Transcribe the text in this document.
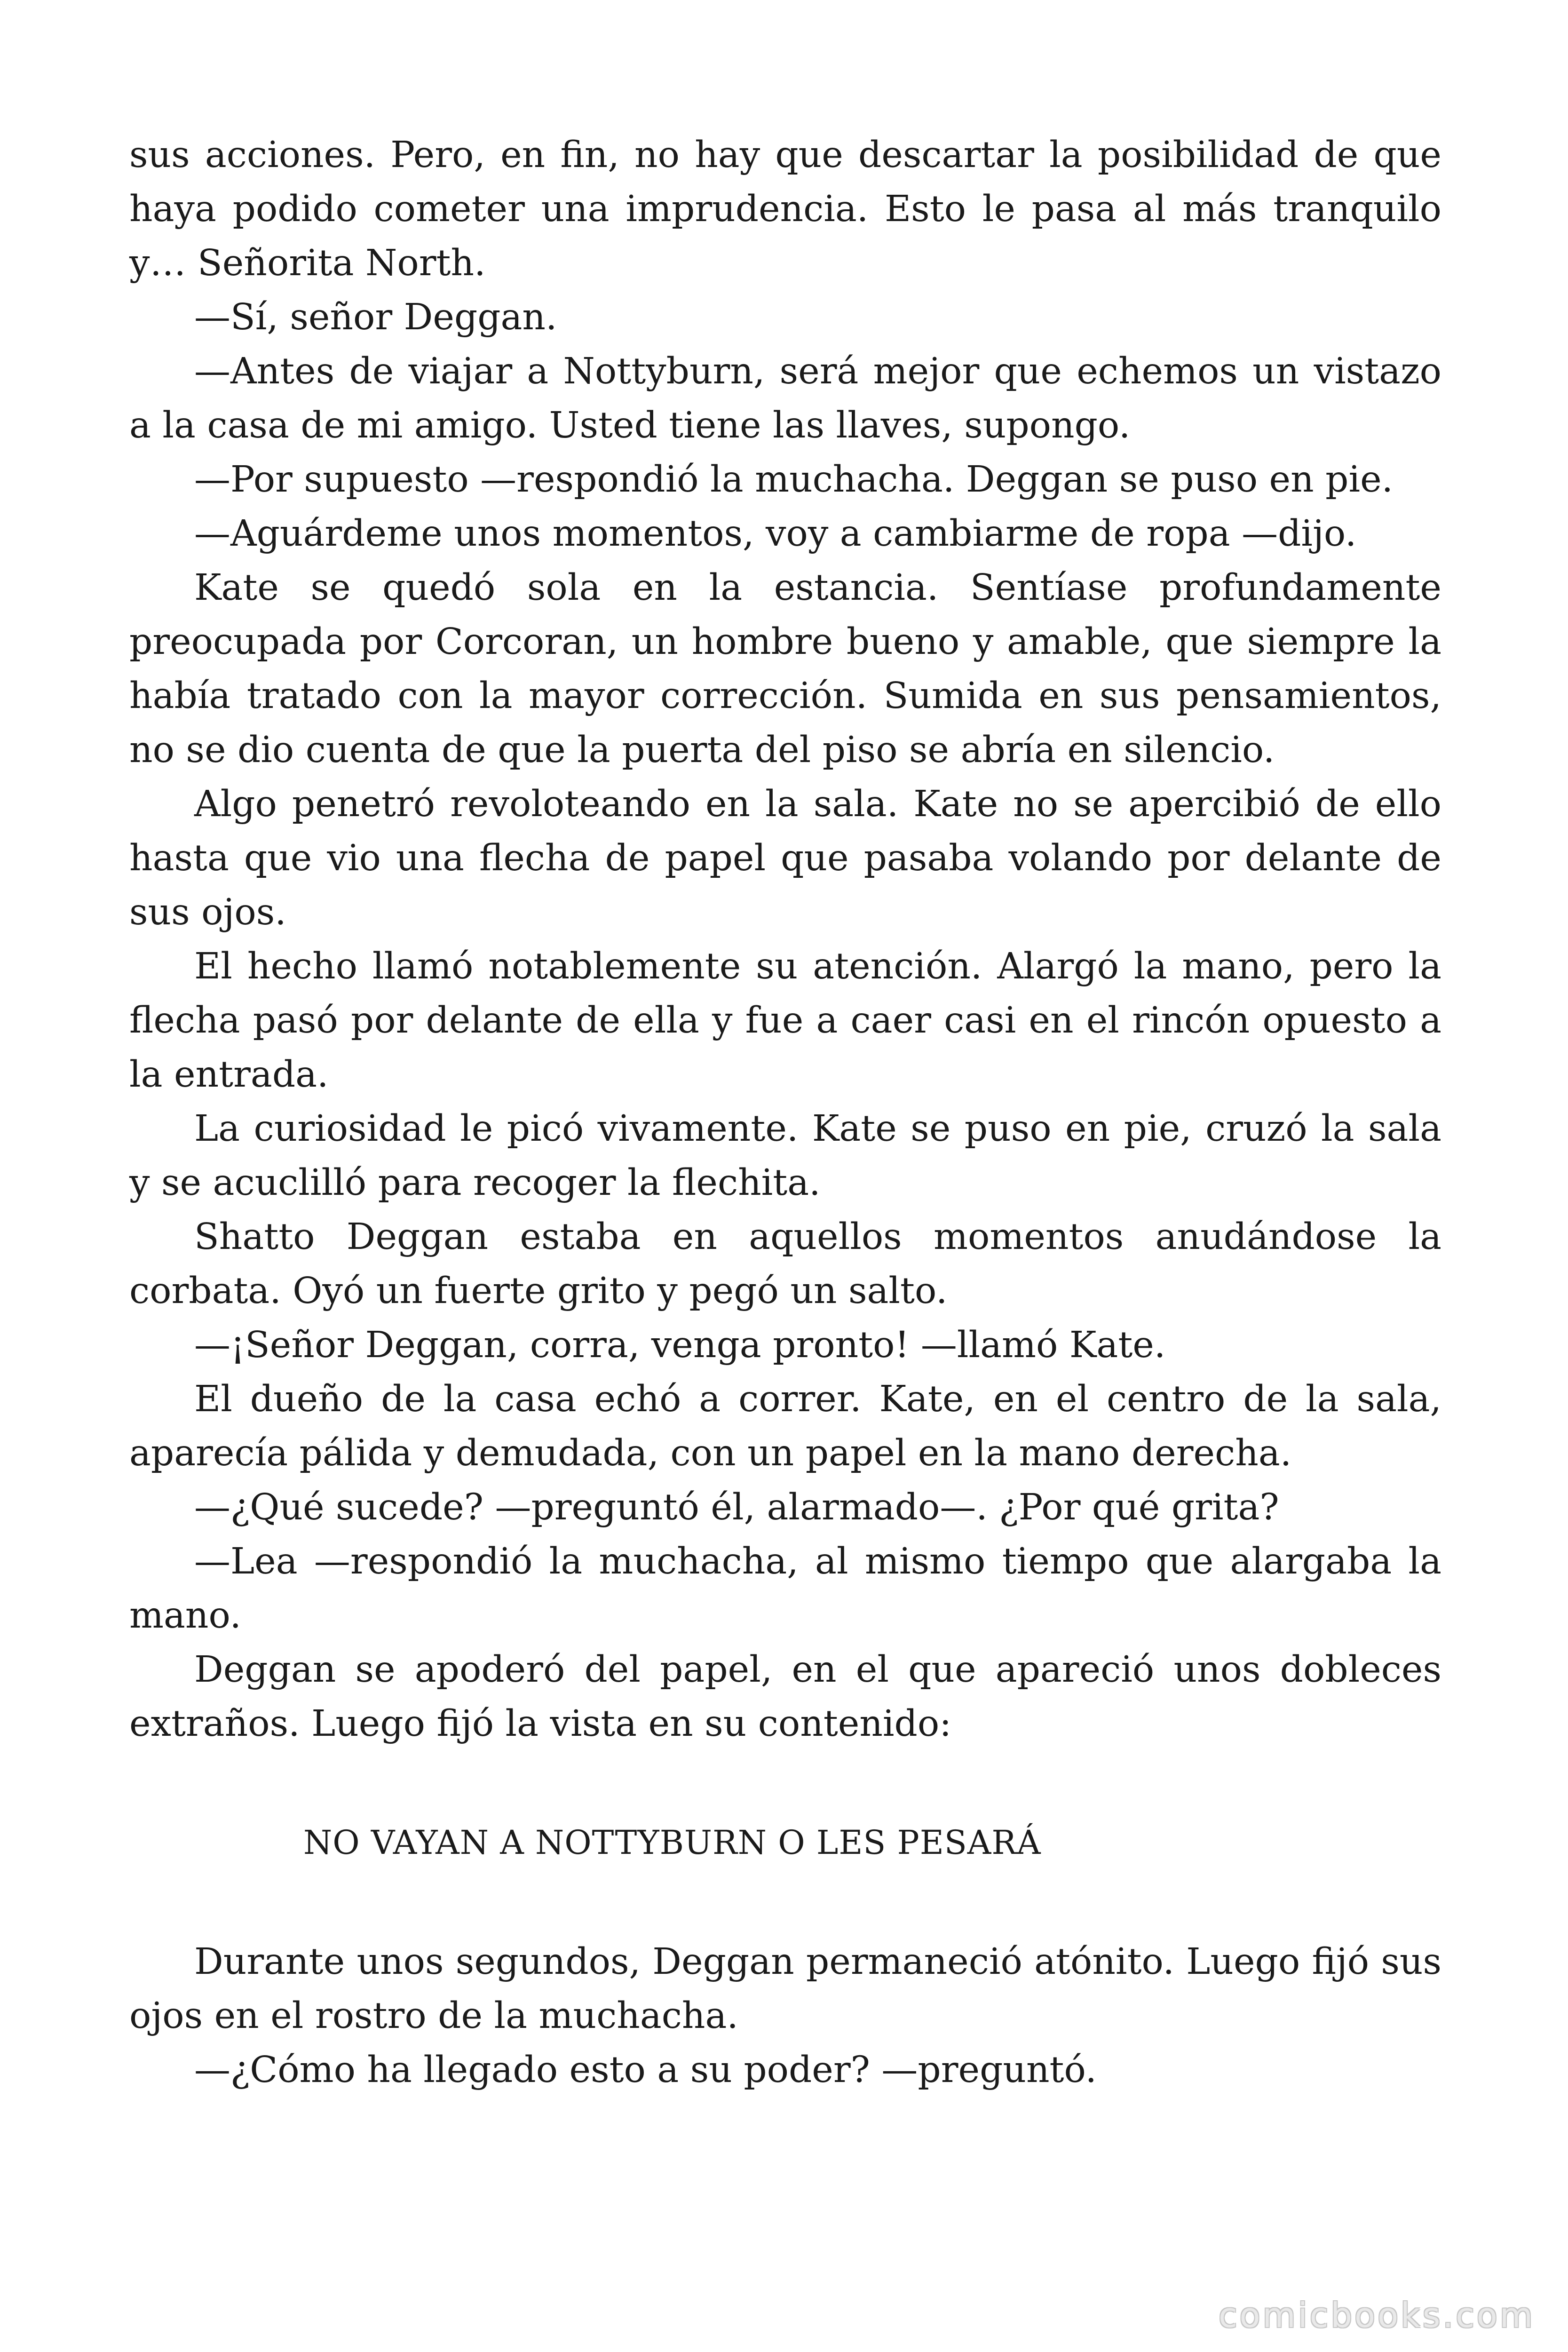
sus acciones. Pero, en fin, no hay que descartar la posibilidad de que haya podido cometer una imprudencia. Esto le pasa al más tranquilo y… Señorita North.

—Sí, señor Deggan.

—Antes de viajar a Nottyburn, será mejor que echemos un vistazo a la casa de mi amigo. Usted tiene las llaves, supongo.

—Por supuesto —respondió la muchacha. Deggan se puso en pie.

—Aguárdeme unos momentos, voy a cambiarme de ropa —dijo.

Kate se quedó sola en la estancia. Sentíase profundamente preocupada por Corcoran, un hombre bueno y amable, que siempre la había tratado con la mayor corrección. Sumida en sus pensamientos, no se dio cuenta de que la puerta del piso se abría en silencio.

Algo penetró revoloteando en la sala. Kate no se apercibió de ello hasta que vio una flecha de papel que pasaba volando por delante de sus ojos.

El hecho llamó notablemente su atención. Alargó la mano, pero la flecha pasó por delante de ella y fue a caer casi en el rincón opuesto a la entrada.

La curiosidad le picó vivamente. Kate se puso en pie, cruzó la sala y se acuclilló para recoger la flechita.

Shatto Deggan estaba en aquellos momentos anudándose la corbata. Oyó un fuerte grito y pegó un salto.

—¡Señor Deggan, corra, venga pronto! —llamó Kate.

El dueño de la casa echó a correr. Kate, en el centro de la sala, aparecía pálida y demudada, con un papel en la mano derecha.

—¿Qué sucede? —preguntó él, alarmado—. ¿Por qué grita?

—Lea —respondió la muchacha, al mismo tiempo que alargaba la mano.

Deggan se apoderó del papel, en el que apareció unos dobleces extraños. Luego fijó la vista en su contenido:

NO VAYAN A NOTTYBURN O LES PESARÁ

Durante unos segundos, Deggan permaneció atónito. Luego fijó sus ojos en el rostro de la muchacha.

—¿Cómo ha llegado esto a su poder? —preguntó.

comicbooks.com
